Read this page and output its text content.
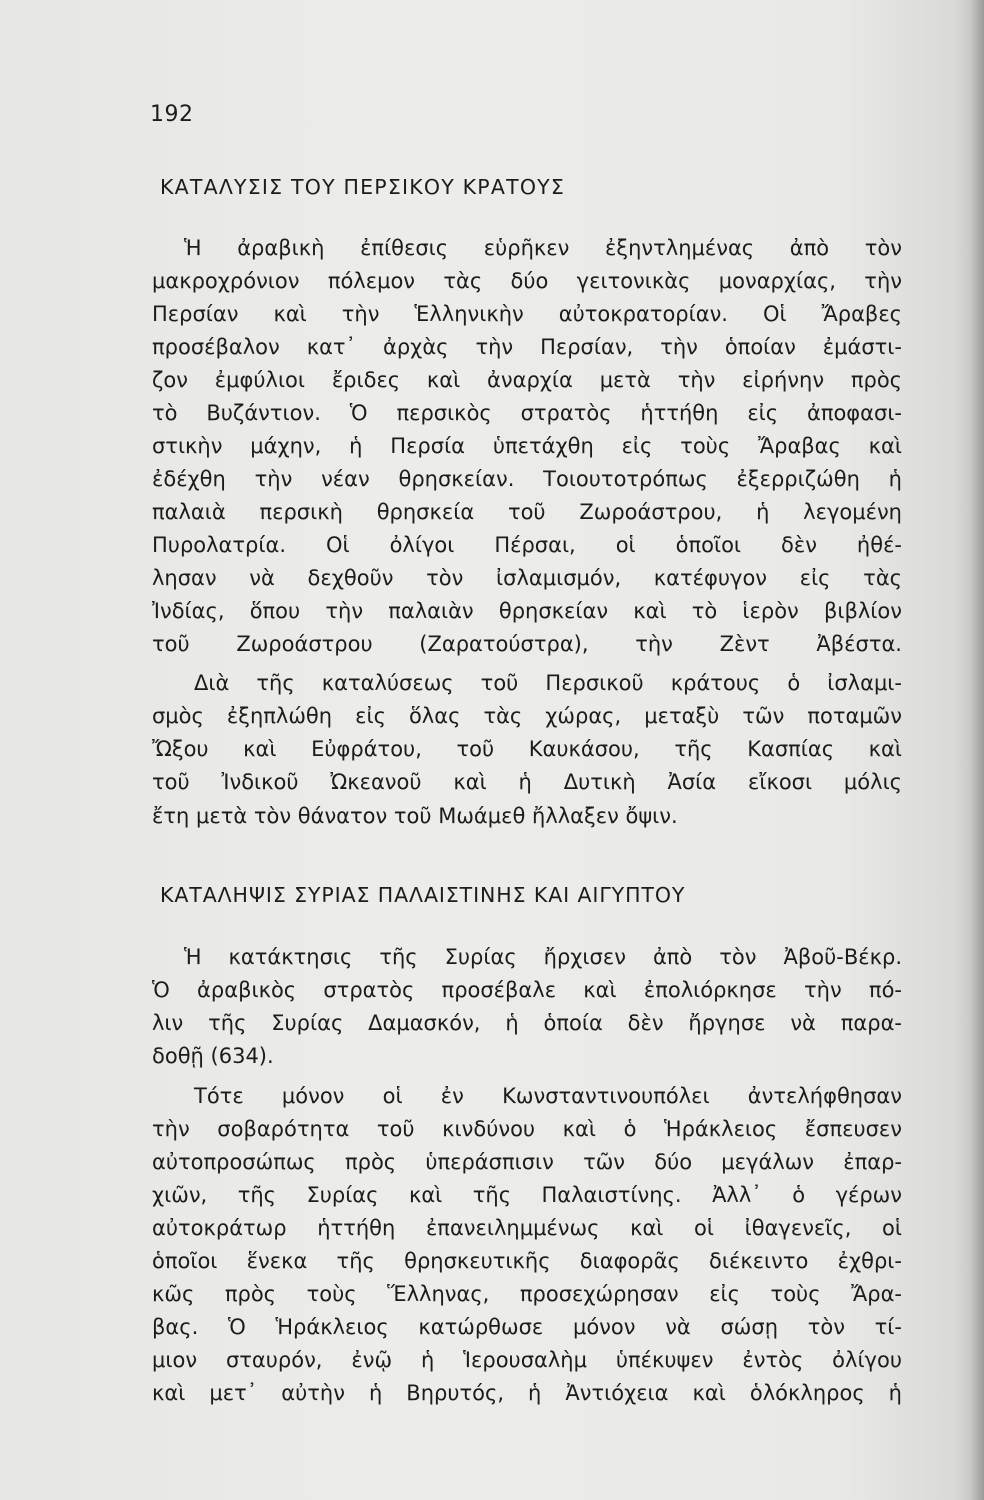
192

ΚΑΤΑΛΥΣΙΣ ΤΟΥ ΠΕΡΣΙΚΟΥ ΚΡΑΤΟΥΣ

Ἡ ἀραβικὴ ἐπίθεσις εὑρῆκεν ἐξηντλημένας ἀπὸ τὸν

μακροχρόνιον πόλεμον τὰς δύο γειτονικὰς μοναρχίας, τὴν

Περσίαν καὶ τὴν Ἑλληνικὴν αὐτοκρατορίαν. Οἱ Ἄραβες

προσέβαλον κατ᾿ ἀρχὰς τὴν Περσίαν, τὴν ὁποίαν ἐμάστι-

ζον ἐμφύλιοι ἔριδες καὶ ἀναρχία μετὰ τὴν εἰρήνην πρὸς

τὸ Βυζάντιον. Ὁ περσικὸς στρατὸς ἡττήθη εἰς ἀποφασι-

στικὴν μάχην, ἡ Περσία ὑπετάχθη εἰς τοὺς Ἄραβας καὶ

ἐδέχθη τὴν νέαν θρησκείαν. Τοιουτοτρόπως ἐξερριζώθη ἡ

παλαιὰ περσικὴ θρησκεία τοῦ Ζωροάστρου, ἡ λεγομένη

Πυρολατρία. Οἱ ὀλίγοι Πέρσαι, οἱ ὁποῖοι δὲν ἠθέ-

λησαν νὰ δεχθοῦν τὸν ἰσλαμισμόν, κατέφυγον εἰς τὰς

Ἰνδίας, ὅπου τὴν παλαιὰν θρησκείαν καὶ τὸ ἱερὸν βιβλίον

τοῦ Ζωροάστρου (Ζαρατούστρα), τὴν Ζὲντ Ἀβέστα.

Διὰ τῆς καταλύσεως τοῦ Περσικοῦ κράτους ὁ ἰσλαμι-

σμὸς ἐξηπλώθη εἰς ὅλας τὰς χώρας, μεταξὺ τῶν ποταμῶν

Ὤξου καὶ Εὐφράτου, τοῦ Καυκάσου, τῆς Κασπίας καὶ

τοῦ Ἰνδικοῦ Ὠκεανοῦ καὶ ἡ Δυτικὴ Ἀσία εἴκοσι μόλις

ἔτη μετὰ τὸν θάνατον τοῦ Μωάμεθ ἤλλαξεν ὄψιν.

ΚΑΤΑΛΗΨΙΣ ΣΥΡΙΑΣ ΠΑΛΑΙΣΤΙΝΗΣ ΚΑΙ ΑΙΓΥΠΤΟΥ

Ἡ κατάκτησις τῆς Συρίας ἤρχισεν ἀπὸ τὸν Ἀβοῦ-Βέκρ.

Ὁ ἀραβικὸς στρατὸς προσέβαλε καὶ ἐπολιόρκησε τὴν πό-

λιν τῆς Συρίας Δαμασκόν, ἡ ὁποία δὲν ἤργησε νὰ παρα-

δοθῇ (634).

Τότε μόνον οἱ ἐν Κωνσταντινουπόλει ἀντελήφθησαν

τὴν σοβαρότητα τοῦ κινδύνου καὶ ὁ Ἡράκλειος ἔσπευσεν

αὐτοπροσώπως πρὸς ὑπεράσπισιν τῶν δύο μεγάλων ἐπαρ-

χιῶν, τῆς Συρίας καὶ τῆς Παλαιστίνης. Ἀλλ᾿ ὁ γέρων

αὐτοκράτωρ ἡττήθη ἐπανειλημμένως καὶ οἱ ἰθαγενεῖς, οἱ

ὁποῖοι ἕνεκα τῆς θρησκευτικῆς διαφορᾶς διέκειντο ἐχθρι-

κῶς πρὸς τοὺς Ἕλληνας, προσεχώρησαν εἰς τοὺς Ἄρα-

βας. Ὁ Ἡράκλειος κατώρθωσε μόνον νὰ σώσῃ τὸν τί-

μιον σταυρόν, ἐνῷ ἡ Ἱερουσαλὴμ ὑπέκυψεν ἐντὸς ὀλίγου

καὶ μετ᾿ αὐτὴν ἡ Βηρυτός, ἡ Ἀντιόχεια καὶ ὁλόκληρος ἡ
